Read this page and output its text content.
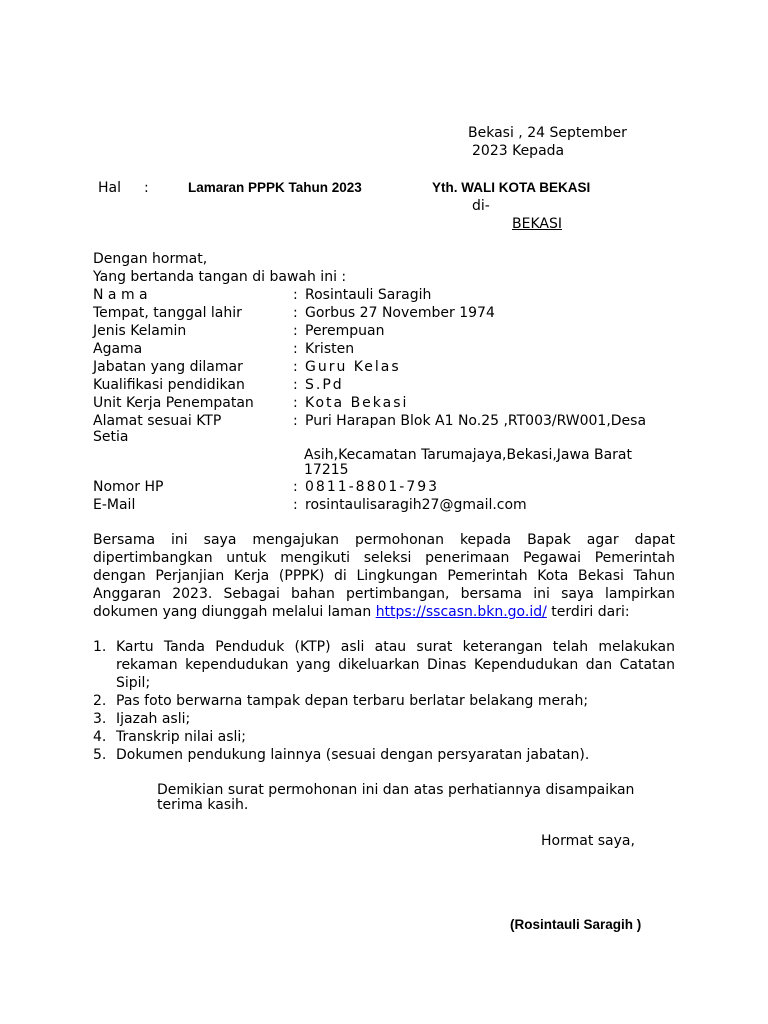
Bekasi , 24 September
2023 Kepada
Hal :	Lamaran PPPK Tahun 2023	Yth. WALI KOTA BEKASI
di-
BEKASI
Dengan hormat,
Yang bertanda tangan di bawah ini :
N a m a	: Rosintauli Saragih
Tempat, tanggal lahir	: Gorbus 27 November 1974
Jenis Kelamin	: Perempuan
Agama	: Kristen
Jabatan yang dilamar	: Guru Kelas
Kualifikasi pendidikan	: S.Pd
Unit Kerja Penempatan	: Kota Bekasi
Alamat sesuai KTP	: Puri Harapan Blok A1 No.25 ,RT003/RW001,Desa
Setia
Asih,Kecamatan Tarumajaya,Bekasi,Jawa Barat
17215
Nomor HP	: 0811-8801-793
E-Mail	: rosintaulisaragih27@gmail.com
Bersama ini saya mengajukan permohonan kepada Bapak agar dapat dipertimbangkan untuk mengikuti seleksi penerimaan Pegawai Pemerintah dengan Perjanjian Kerja (PPPK) di Lingkungan Pemerintah Kota Bekasi Tahun Anggaran 2023. Sebagai bahan pertimbangan, bersama ini saya lampirkan dokumen yang diunggah melalui laman https://sscasn.bkn.go.id/ terdiri dari:
1. Kartu Tanda Penduduk (KTP) asli atau surat keterangan telah melakukan rekaman kependudukan yang dikeluarkan Dinas Kependudukan dan Catatan Sipil;
2. Pas foto berwarna tampak depan terbaru berlatar belakang merah;
3. Ijazah asli;
4. Transkrip nilai asli;
5. Dokumen pendukung lainnya (sesuai dengan persyaratan jabatan).
Demikian surat permohonan ini dan atas perhatiannya disampaikan
terima kasih.
Hormat saya,
(Rosintauli Saragih )
